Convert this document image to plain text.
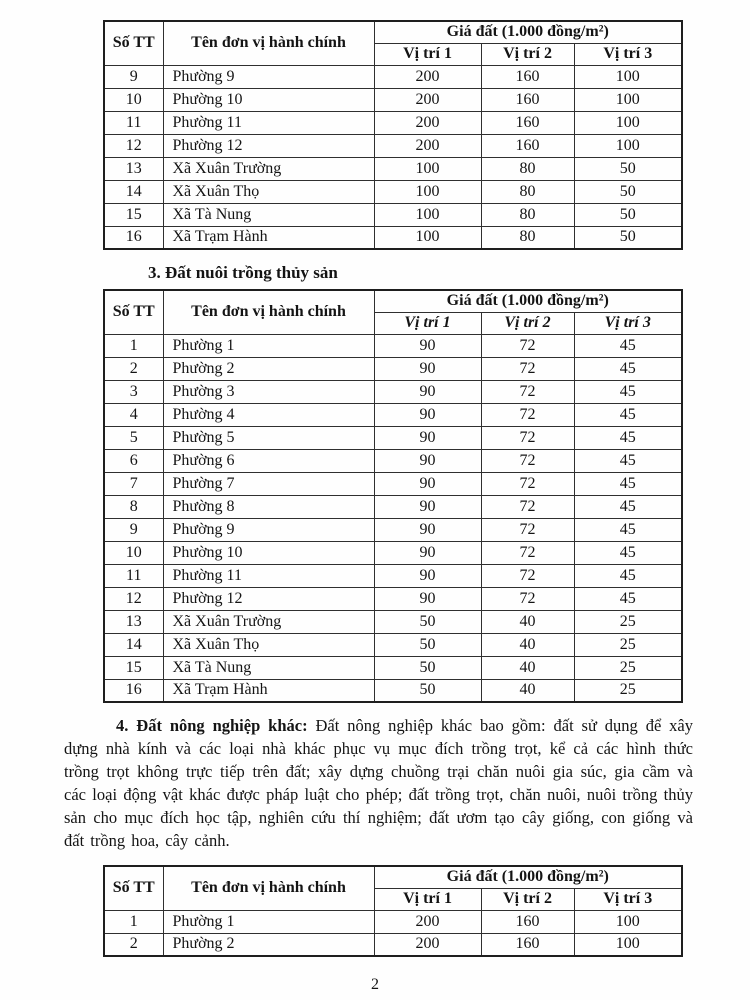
Số TT	Tên đơn vị hành chính	Giá đất (1.000 đồng/m²)		
		Vị trí 1	Vị trí 2	Vị trí 3
9	Phường 9	200	160	100
10	Phường 10	200	160	100
11	Phường 11	200	160	100
12	Phường 12	200	160	100
13	Xã Xuân Trường	100	80	50
14	Xã Xuân Thọ	100	80	50
15	Xã Tà Nung	100	80	50
16	Xã Trạm Hành	100	80	50
3. Đất nuôi trồng thủy sản
Số TT	Tên đơn vị hành chính	Giá đất (1.000 đồng/m²)		
		Vị trí 1	Vị trí 2	Vị trí 3
1	Phường 1	90	72	45
2	Phường 2	90	72	45
3	Phường 3	90	72	45
4	Phường 4	90	72	45
5	Phường 5	90	72	45
6	Phường 6	90	72	45
7	Phường 7	90	72	45
8	Phường 8	90	72	45
9	Phường 9	90	72	45
10	Phường 10	90	72	45
11	Phường 11	90	72	45
12	Phường 12	90	72	45
13	Xã Xuân Trường	50	40	25
14	Xã Xuân Thọ	50	40	25
15	Xã Tà Nung	50	40	25
16	Xã Trạm Hành	50	40	25

4. Đất nông nghiệp khác: Đất nông nghiệp khác bao gồm: đất sử dụng để xây dựng nhà kính và các loại nhà khác phục vụ mục đích trồng trọt, kể cả các hình thức trồng trọt không trực tiếp trên đất; xây dựng chuồng trại chăn nuôi gia súc, gia cầm và các loại động vật khác được pháp luật cho phép; đất trồng trọt, chăn nuôi, nuôi trồng thủy sản cho mục đích học tập, nghiên cứu thí nghiệm; đất ươm tạo cây giống, con giống và đất trồng hoa, cây cảnh.

Số TT	Tên đơn vị hành chính	Giá đất (1.000 đồng/m²)		
		Vị trí 1	Vị trí 2	Vị trí 3
1	Phường 1	200	160	100
2	Phường 2	200	160	100
2
